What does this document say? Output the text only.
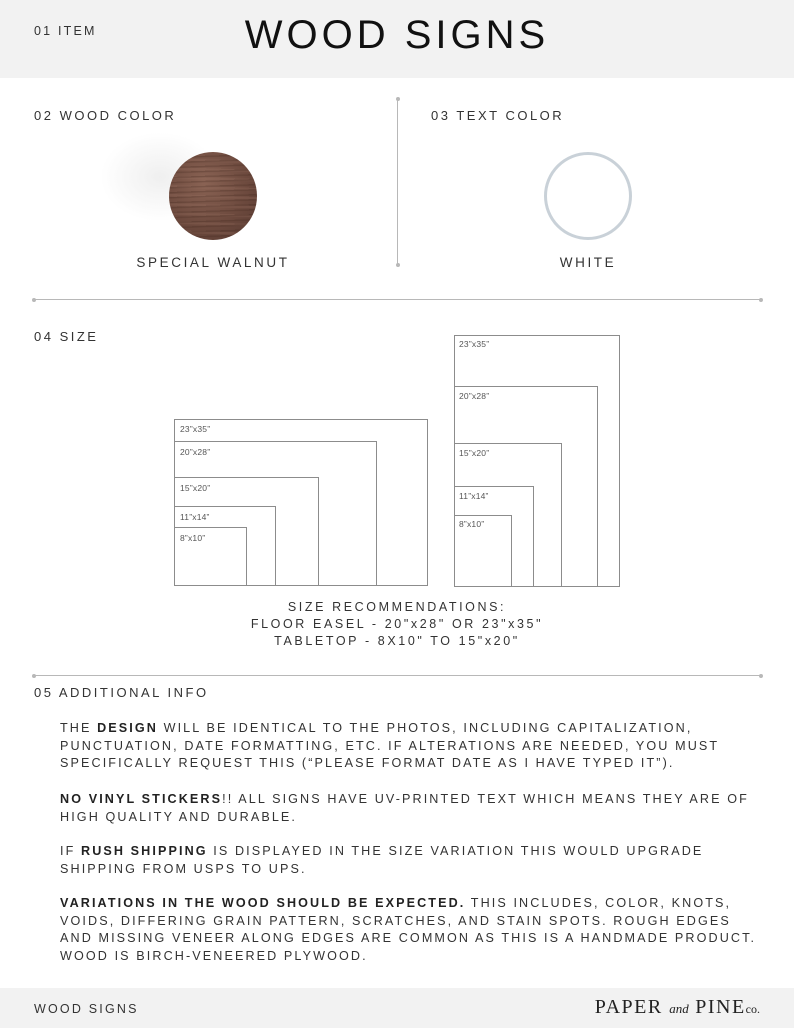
01 ITEM	WOOD SIGNS
02 WOOD COLOR
SPECIAL WALNUT
03 TEXT COLOR
WHITE
04 SIZE
23”x35”
20”x28”
15”x20”
11”x14”
8”x10”
23”x35”
20”x28”
15”x20”
11”x14”
8”x10”
SIZE RECOMMENDATIONS:
FLOOR EASEL - 20"x28" OR 23"x35"
TABLETOP - 8X10" TO 15"x20"
05 ADDITIONAL INFO
THE DESIGN WILL BE IDENTICAL TO THE PHOTOS, INCLUDING CAPITALIZATION, PUNCTUATION, DATE FORMATTING, ETC. IF ALTERATIONS ARE NEEDED, YOU MUST SPECIFICALLY REQUEST THIS (“PLEASE FORMAT DATE AS I HAVE TYPED IT”).
NO VINYL STICKERS!! ALL SIGNS HAVE UV-PRINTED TEXT WHICH MEANS THEY ARE OF HIGH QUALITY AND DURABLE.
IF RUSH SHIPPING IS DISPLAYED IN THE SIZE VARIATION THIS WOULD UPGRADE SHIPPING FROM USPS TO UPS.
VARIATIONS IN THE WOOD SHOULD BE EXPECTED. THIS INCLUDES, COLOR, KNOTS, VOIDS, DIFFERING GRAIN PATTERN, SCRATCHES, AND STAIN SPOTS. ROUGH EDGES AND MISSING VENEER ALONG EDGES ARE COMMON AS THIS IS A HANDMADE PRODUCT. WOOD IS BIRCH-VENEERED PLYWOOD.
WOOD SIGNS	PAPER and PINEco.
